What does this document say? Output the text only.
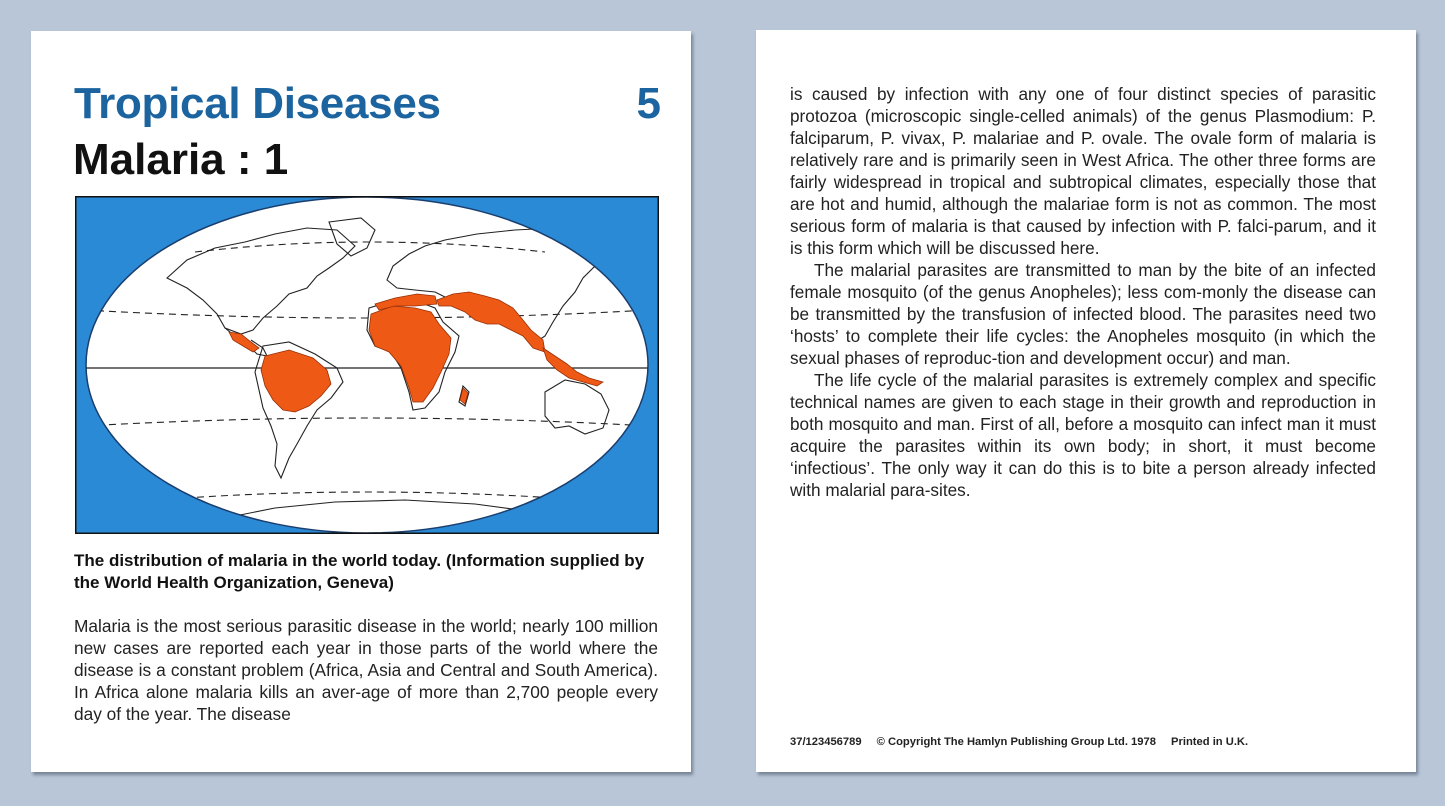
Tropical Diseases	5
Malaria : 1

The distribution of malaria in the world today. (Information supplied by the World Health Organization, Geneva)

Malaria is the most serious parasitic disease in the world; nearly 100 million new cases are reported each year in those parts of the world where the disease is a constant problem (Africa, Asia and Central and South America). In Africa alone malaria kills an aver-age of more than 2,700 people every day of the year. The disease

is caused by infection with any one of four distinct species of parasitic protozoa (microscopic single-celled animals) of the genus Plasmodium: P. falciparum, P. vivax, P. malariae and P. ovale. The ovale form of malaria is relatively rare and is primarily seen in West Africa. The other three forms are fairly widespread in tropical and subtropical climates, especially those that are hot and humid, although the malariae form is not as common. The most serious form of malaria is that caused by infection with P. falci-parum, and it is this form which will be discussed here.

The malarial parasites are transmitted to man by the bite of an infected female mosquito (of the genus Anopheles); less com-monly the disease can be transmitted by the transfusion of infected blood. The parasites need two ‘hosts’ to complete their life cycles: the Anopheles mosquito (in which the sexual phases of reproduc-tion and development occur) and man.

The life cycle of the malarial parasites is extremely complex and specific technical names are given to each stage in their growth and reproduction in both mosquito and man. First of all, before a mosquito can infect man it must acquire the parasites within its own body; in short, it must become ‘infectious’. The only way it can do this is to bite a person already infected with malarial para-sites.

37/123456789 © Copyright The Hamlyn Publishing Group Ltd. 1978 Printed in U.K.
